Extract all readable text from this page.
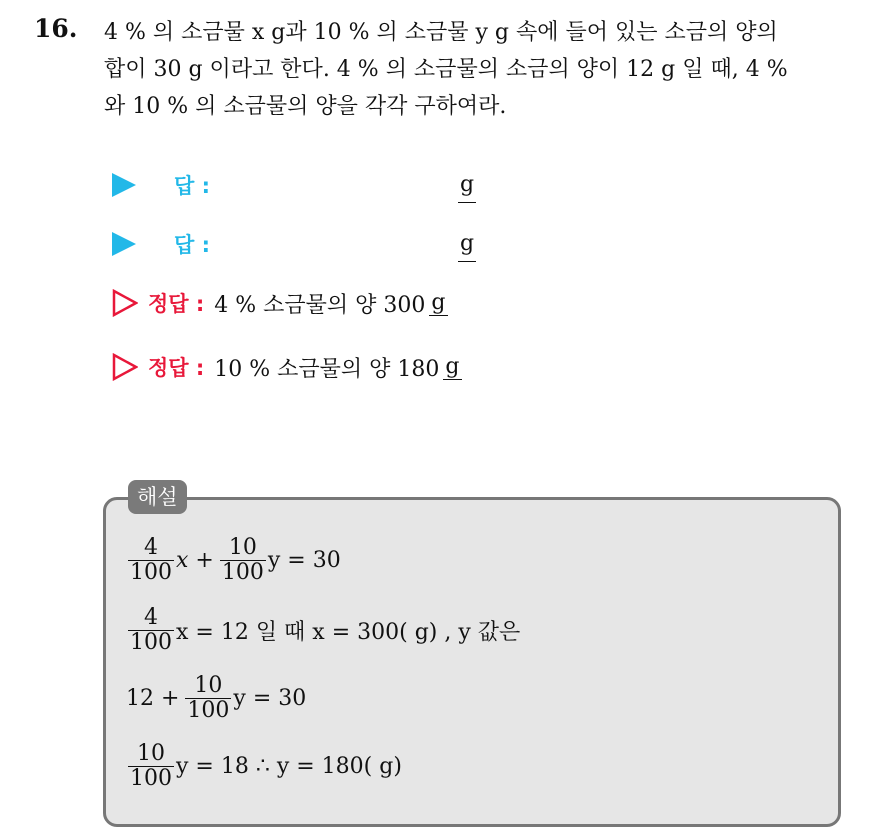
16. 4 % 의 소금물 x g과 10 % 의 소금물 y g 속에 들어 있는 소금의 양의
합이 30 g 이라고 한다. 4 % 의 소금물의 소금의 양이 12 g 일 때, 4 %
와 10 % 의 소금물의 양을 각각 구하여라.
답 :	g
답 :	g
정답 : 4 % 소금물의 양 300 g
정답 : 10 % 소금물의 양 180 g
해설
$\frac{4}{100}$ $x + \frac{10}{100}$ y = 30
$\frac{4}{100}$ x = 12 일 때 x = 300( g) , y 값은
$12 + \frac{10}{100}$ y = 30
$\frac{10}{100}$ y = 18 ∴ y = 180( g)
